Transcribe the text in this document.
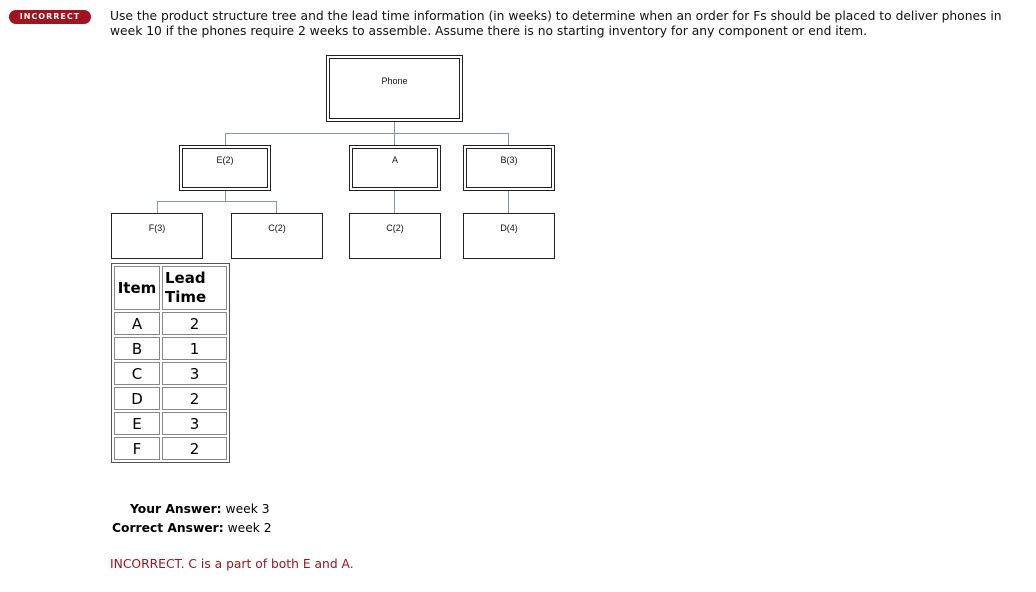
INCORRECT	Use the product structure tree and the lead time information (in weeks) to determine when an order for Fs should be placed to deliver phones in week 10 if the phones require 2 weeks to assemble. Assume there is no starting inventory for any component or end item.
Phone
E(2)	A	B(3)
F(3)	C(2)	C(2)	D(4)
Item	Lead Time
A	2
B	1
C	3
D	2
E	3
F	2
Your Answer: week 3
Correct Answer: week 2
INCORRECT. C is a part of both E and A.
